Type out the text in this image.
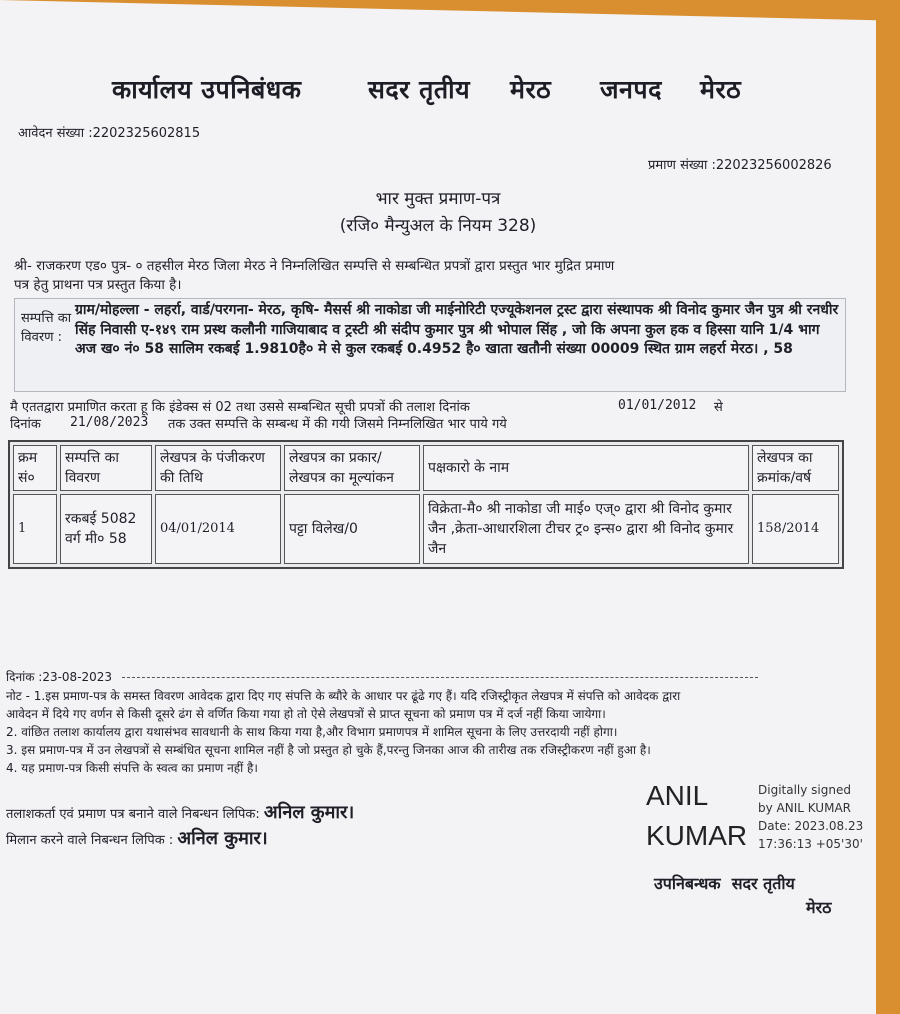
कार्यालय उपनिबंधक	सदर तृतीय मेरठ जनपद मेरठ
आवेदन संख्या :2202325602815
प्रमाण संख्या :22023256002826
भार मुक्त प्रमाण-पत्र
(रजि० मैन्युअल के नियम 328)
श्री- राजकरण एड० पुत्र- ० तहसील मेरठ जिला मेरठ ने निम्नलिखित सम्पत्ति से सम्बन्धित प्रपत्रों द्वारा प्रस्तुत भार मुद्रित प्रमाण
पत्र हेतु प्राथना पत्र प्रस्तुत किया है।
सम्पत्ति का विवरण :
ग्राम/मोहल्ला - लहर्रा, वार्ड/परगना- मेरठ, कृषि- मैसर्स श्री नाकोडा जी माईनोरिटी एज्यूकेशनल ट्रस्ट द्वारा संस्थापक श्री विनोद कुमार जैन पुत्र श्री रनधीर सिंह निवासी ए-१४९ राम प्रस्थ कलौनी गाजियाबाद व ट्रस्टी श्री संदीप कुमार पुत्र श्री भोपाल सिंह , जो कि अपना कुल हक व हिस्सा यानि 1/4 भाग अज ख० नं० 58 सालिम रकबई 1.9810है० मे से कुल रकबई 0.4952 है० खाता खतौनी संख्या 00009 स्थित ग्राम लहर्रा मेरठ। , 58
मै एततद्वारा प्रमाणित करता हू कि इंडेक्स सं 02 तथा उससे सम्बन्धित सूची प्रपत्रों की तलाश दिनांक	01/01/2012 से
दिनांक 21/08/2023 तक उक्त सम्पत्ति के सम्बन्ध में की गयी जिसमे निम्नलिखित भार पाये गये
क्रम सं०	सम्पत्ति का विवरण	लेखपत्र के पंजीकरण की तिथि	लेखपत्र का प्रकार/ लेखपत्र का मूल्यांकन	पक्षकारो के नाम	लेखपत्र का क्रमांक/वर्ष
1	रकबई 5082 वर्ग मी० 58	04/01/2014	पट्टा विलेख/0	विक्रेता-मै० श्री नाकोडा जी माई० एज्० द्वारा श्री विनोद कुमार जैन ,क्रेता-आधारशिला टीचर ट्र० इन्स० द्वारा श्री विनोद कुमार जैन	158/2014
दिनांक :23-08-2023
नोट - 1.इस प्रमाण-पत्र के समस्त विवरण आवेदक द्वारा दिए गए संपत्ति के ब्यौरे के आधार पर ढूंढे गए हैं। यदि रजिस्ट्रीकृत लेखपत्र में संपत्ति को आवेदक द्वारा
आवेदन में दिये गए वर्णन से किसी दूसरे ढंग से वर्णित किया गया हो तो ऐसे लेखपत्रों से प्राप्त सूचना को प्रमाण पत्र में दर्ज नहीं किया जायेगा।
2. वांछित तलाश कार्यालय द्वारा यथासंभव सावधानी के साथ किया गया है,और विभाग प्रमाणपत्र में शामिल सूचना के लिए उत्तरदायी नहीं होगा।
3. इस प्रमाण-पत्र में उन लेखपत्रों से सम्बंधित सूचना शामिल नहीं है जो प्रस्तुत हो चुके हैं,परन्तु जिनका आज की तारीख तक रजिस्ट्रीकरण नहीं हुआ है।
4. यह प्रमाण-पत्र किसी संपत्ति के स्वत्व का प्रमाण नहीं है।
तलाशकर्ता एवं प्रमाण पत्र बनाने वाले निबन्धन लिपिक: अनिल कुमार।
मिलान करने वाले निबन्धन लिपिक : अनिल कुमार।
ANIL
KUMAR
Digitally signed
by ANIL KUMAR
Date: 2023.08.23
17:36:13 +05'30'
उपनिबन्धक  सदर तृतीय
मेरठ
